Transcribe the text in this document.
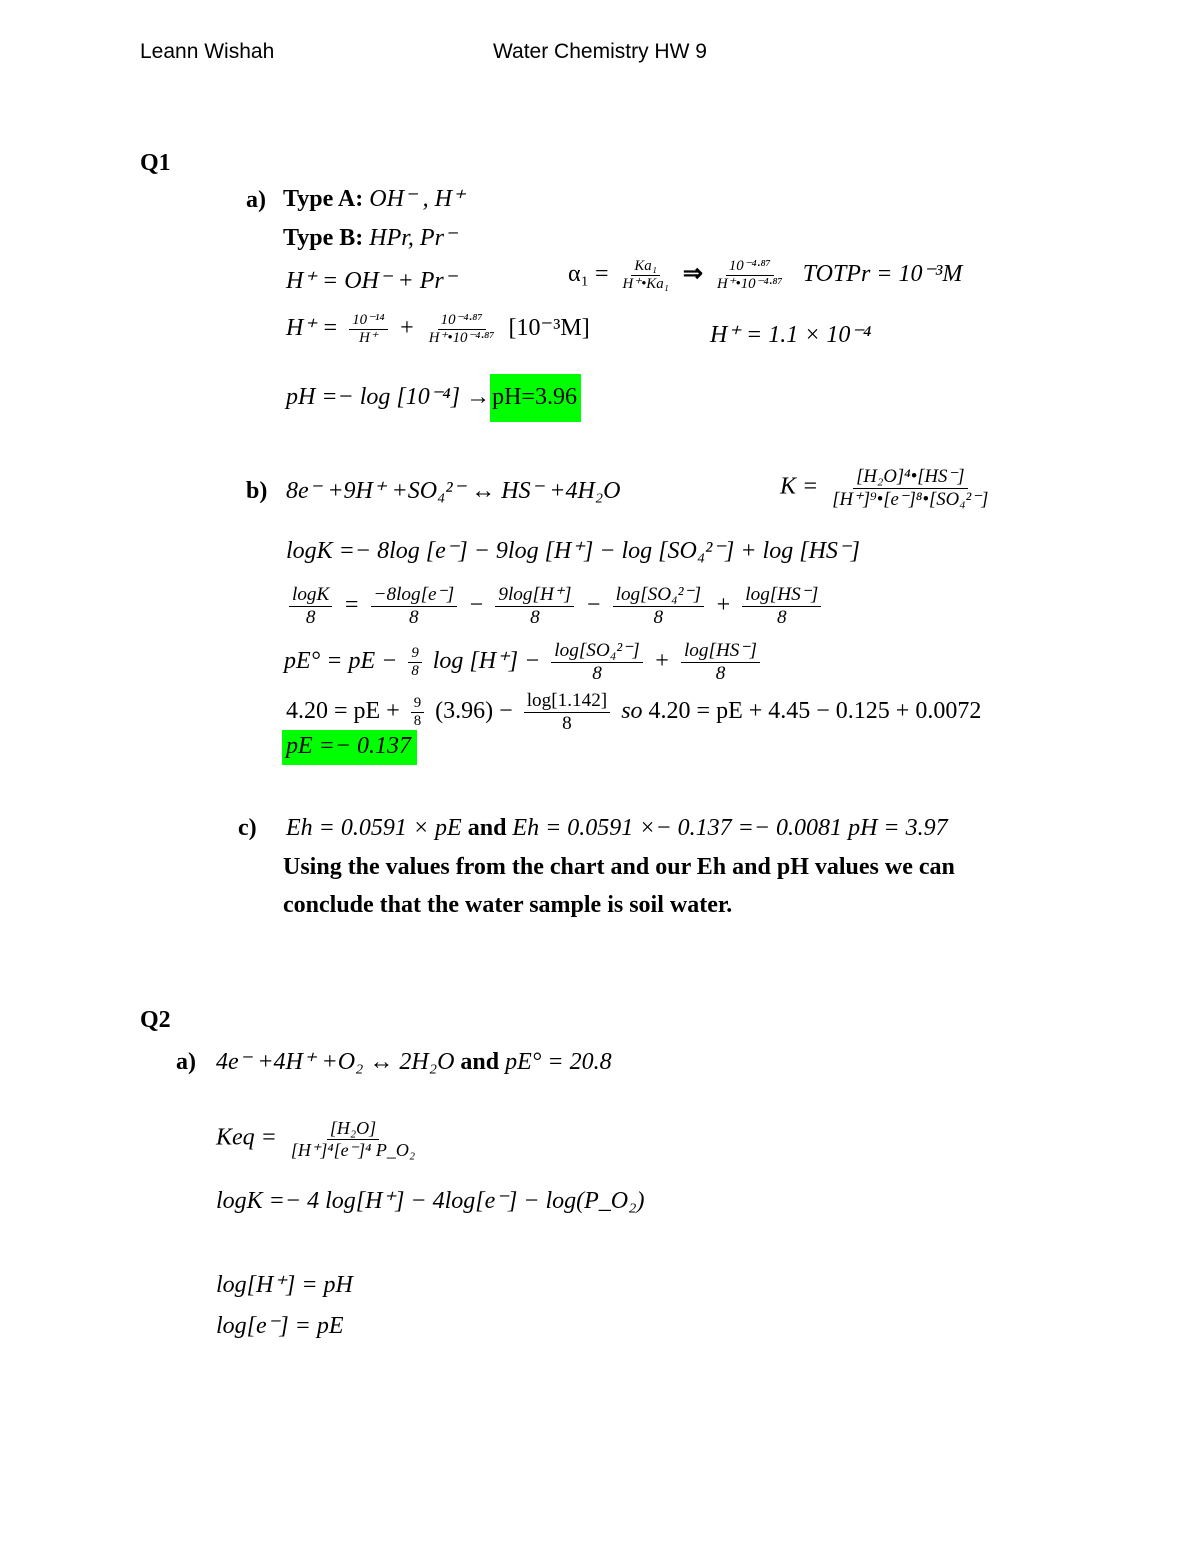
Leann Wishah	Water Chemistry HW 9
Q1
a) Type A: OH⁻ , H⁺
Type B: HPr, Pr⁻
H⁺ = OH⁻ + Pr⁻	$\alpha_1 = \frac{\text{Ka₁}}{\text{H⁺•Ka₁}}$ ⇒ $\frac{\text{10⁻⁴·⁸⁷}}{\text{H⁺•10⁻⁴·⁸⁷}}$ TOTPr = 10⁻³M
$H^+ = \frac{\text{10⁻¹⁴}}{H^+} + \frac{\text{10⁻⁴·⁸⁷}}{\text{H⁺•10⁻⁴·⁸⁷}} [10^{-3}M]$	H⁺ = 1.1 × 10⁻⁴
pH =− log [10⁻⁴] →pH=3.96
b) 8e⁻ +9H⁺ +SO₄²⁻ ↔ HS⁻ +4H₂O	$K = \frac{\text{[H₂O]⁴•[HS⁻]}}{\text{[H⁺]⁹•[e⁻]⁸•[SO₄²⁻]}}$
logK =− 8log [e⁻] − 9log [H⁺] − log [SO₄²⁻] + log [HS⁻]
$\frac{\log K}{8} = \frac{-8\log[e^-]}{8} - \frac{9\log[H^+]}{8} - \frac{\text{log[SO₄²⁻]}}{8} + \frac{\log[HS^-]}{8}$
pE° = pE − $\frac{9}{8}$ $\log [H^+] - \frac{\text{log[SO₄²⁻]}}{8} + \frac{\log[HS^-]}{8}$
4.20 = pE + $\frac{9}{8} (3.96) - \frac{\log[1.142]}{8}$ so 4.20 = pE + 4.45 − 0.125 + 0.0072
pE =− 0.137
c) Eh = 0.0591 × pE and Eh = 0.0591 ×− 0.137 =− 0.0081 pH = 3.97
Using the values from the chart and our Eh and pH values we can
conclude that the water sample is soil water.
Q2
a) 4e⁻ +4H⁺ +O₂ ↔ 2H₂O and pE° = 20.8
Keq = $\frac{\text{[H₂O]}}{\text{[H⁺]⁴[e⁻]⁴ P\_O₂}}$
logK =− 4 log[H⁺] − 4log[e⁻] − log(P_O₂)
log[H⁺] = pH
log[e⁻] = pE
